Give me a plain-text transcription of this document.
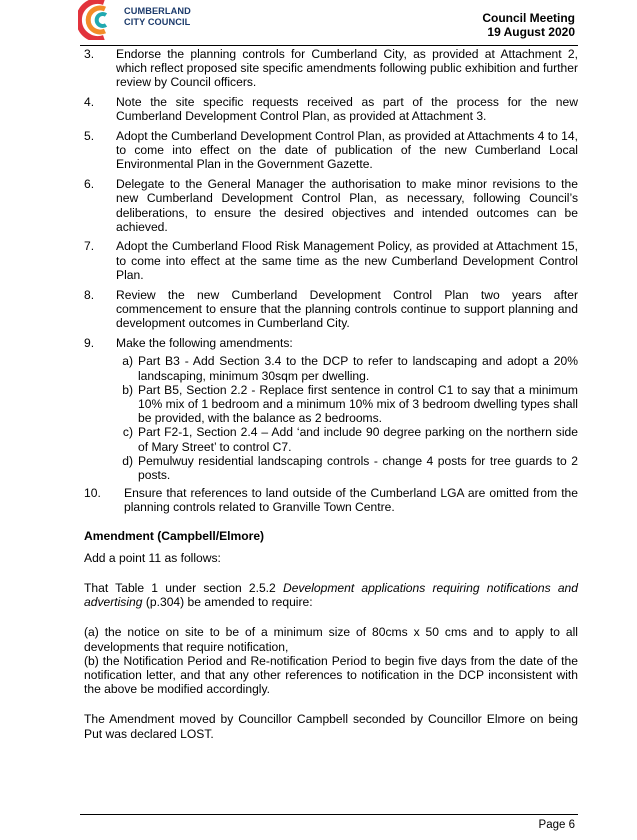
CUMBERLAND
CITY COUNCIL	Council Meeting
19 August 2020
3.	Endorse the planning controls for Cumberland City, as provided at Attachment 2, which reflect proposed site specific amendments following public exhibition and further review by Council officers.
4.	Note the site specific requests received as part of the process for the new Cumberland Development Control Plan, as provided at Attachment 3.
5.	Adopt the Cumberland Development Control Plan, as provided at Attachments 4 to 14, to come into effect on the date of publication of the new Cumberland Local Environmental Plan in the Government Gazette.
6.	Delegate to the General Manager the authorisation to make minor revisions to the new Cumberland Development Control Plan, as necessary, following Council’s deliberations, to ensure the desired objectives and intended outcomes can be achieved.
7.	Adopt the Cumberland Flood Risk Management Policy, as provided at Attachment 15, to come into effect at the same time as the new Cumberland Development Control Plan.
8.	Review the new Cumberland Development Control Plan two years after commencement to ensure that the planning controls continue to support planning and development outcomes in Cumberland City.
9.	Make the following amendments:
a) Part B3 - Add Section 3.4 to the DCP to refer to landscaping and adopt a 20% landscaping, minimum 30sqm per dwelling.
b) Part B5, Section 2.2 - Replace first sentence in control C1 to say that a minimum 10% mix of 1 bedroom and a minimum 10% mix of 3 bedroom dwelling types shall be provided, with the balance as 2 bedrooms.
c) Part F2-1, Section 2.4 – Add ‘and include 90 degree parking on the northern side of Mary Street’ to control C7.
d) Pemulwuy residential landscaping controls - change 4 posts for tree guards to 2 posts.
10.	Ensure that references to land outside of the Cumberland LGA are omitted from the planning controls related to Granville Town Centre.
Amendment (Campbell/Elmore)
Add a point 11 as follows:
That Table 1 under section 2.5.2 Development applications requiring notifications and advertising (p.304) be amended to require:
(a) the notice on site to be of a minimum size of 80cms x 50 cms and to apply to all developments that require notification,
(b) the Notification Period and Re-notification Period to begin five days from the date of the notification letter, and that any other references to notification in the DCP inconsistent with the above be modified accordingly.
The Amendment moved by Councillor Campbell seconded by Councillor Elmore on being Put was declared LOST.
Page 6
